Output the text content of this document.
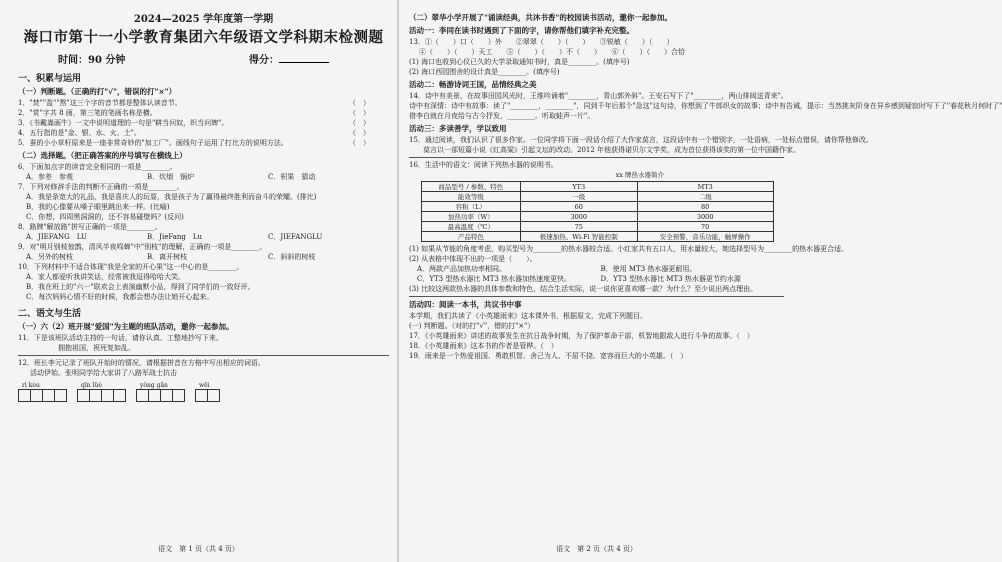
2024—2025 学年度第一学期
海口市第十一小学教育集团六年级语文学科期末检测题
时间：90 分钟	得分：
一、积累与运用
（一）判断题。（正确的打"√"，错误的打"×"）
1．"焚""盈""熬"这三个字的音节都是整体认读音节。	（　）
2．"赏"字共 8 画，第三笔的笔画名称是横。	（　）
3．《书戴嵩画牛》一文中说明道理的一句是"耕当问奴，织当问婢"。	（　）
4．五行指的是"金、银、水、火、土"。	（　）
5．蚕的小小草籽原来是一座非常奇妙的"加工厂"。画线句子运用了打比方的说明方法。	（　）
（二）选择题。（把正确答案的序号填写在横线上）
6．下面加点字的读音完全相同的一项是________。
A．参差　参观	B．炊烟　锅炉	C．枳果　猜动
7．下列对修辞手法的判断不正确的一项是________。
A．我是条宽大的礼品，我是喜庆人的玩耍，我是孩子为了赢得最终胜利而奋斗的荣耀。(排比)
B．我的心像要从嗓子眼里跳出来一样。(比喻)
C．你想，四周黑洞洞的，还不容易碰壁吗？(反问)
8．路牌"解放路"拼写正确的一项是________。
A．JIEFANG　LU	B．JieFang　Lu	C．JIEFANGLU
9．对"明月别枝惊鹊，清风半夜鸣蝉"中"别枝"的理解，正确的一项是________。
A．另外的树枝	B．离开树枝	C．斜斜的树枝
10．下列材料中不适合体现"我是全家的开心果"这一中心的是________。
A．家人都爱听我讲笑话，经常被我逗得哈哈大笑。
B．我在班上的"六一"联欢会上表演幽默小品，得到了同学们的一致好评。
C．每次妈妈心情不好的时候，我都会想办法让她开心起来。
二、语文与生活
（一）六（2）班开展"爱国"为主题的班队活动，邀你一起参加。
11．下是该班队活动主持的一句话，请你认真、工整地抄写下来。
拥抱祖国，祝死复如乱。
12．班长李元记录了班队开始时的情况，请根据拼音在方格中写出相应的词语。
活动伊始，张明同学给大家讲了八路军战士抗击
rì kòu	qīn lüè	yǒng gǎn	wēi
语文　第 1 页（共 4 页）
（二）翠华小学开展了"诵读经典，共沐书香"的校园读书活动，邀你一起参加。
活动一：李同在读书时遇到了下面的字，请你帮他们填字补充完整。
13．①（　　）口（　　）外　　②翠翠（　　）（　　）　　③锐敏（　　）（　　）
④（　　）（　　）天工　　⑤（　　）（　　）不（　　）　　⑥（　　）（　　）合恰
(1) 海口也收到心仪已久的大学录取通知书时，真是________。(填序号)
(2) 海口西园围舍的设计真是________。(填序号)
活动二：畅游诗词王国，品情经典之美
14．诗中有美景，在故事田园风光时，王维吟诵着"________，青山郭外斜"。王安石写下了"________，两山排闼送青来"。
诗中有深情：诗中有故事：读了"________，________"，同到千年后那个"急这"这句诗，你想到了牛郎织女的故事；诗中有告诫，提示：当然挑灰阶身在异乡感到疑寂时写下了"春花秋月何时了"
借李白就在月夜给与古今抒发，________。听取蛙声一片"。
活动三：多读善学，学以致用
15．通过阅读，我们认识了很多作家。一位同学将下面一段话介绍了大作家莫言，这段话中有一个错别字，一处语病，一处标点错误，请你帮他修改。
莫言以一部短篇小说《红高粱》引起文坛的改动。2012 年他获得诺贝尔文学奖，成为首位获得该奖的第一位中国籍作家。
16．生活中的语文：阅读下列热水器的说明书。
xx 牌热水器简介
商品型号 / 参数、特色	YT3	MT3
能效等级	一级	二级
容积（L）	60	80
加热功率（W）	3000	3000
最高温度（℃）	75	70
产品特色	极速加热、Wi-Fi 智能控制	安全预警，音乐功能，触屏操作
(1) 如果从节能的角度考虑，购买型号为________的热水器较合适。小红家共有五口人，用水量较大，她选择型号为________的热水器更合适。
(2) 从表格中体现不出的一项是（　　）。
A．两款产品加热功率相同。	B．使用 MT3 热水器更耐用。
C．YT3 型热水器比 MT3 热水器加热速度更快。	D．YT3 型热水器比 MT3 热水器更节约水源
(3) 比较这两款热水器的具体参数和特色，结合生活实际，说一说你更喜欢哪一款？为什么？至少说出两点理由。
活动四：阅读一本书，共议书中事
本学期，我们共读了《小英雄雨来》这本课外书，根据原文，完成下列题目。
(一) 判断题。（对的打"√"，错的打"×"）
17．《小英雄雨来》讲述的故事发生在抗日战争时期，为了保护革命干部，机智地跟敌人进行斗争的故事。（　）
18．《小英雄雨来》这本书的作者是管桦。（　）
19．雨来是一个热爱祖国、勇敢机智、舍己为人、不屈不挠、宽容而巨大的小英雄。（　）
语文　第 2 页（共 4 页）
